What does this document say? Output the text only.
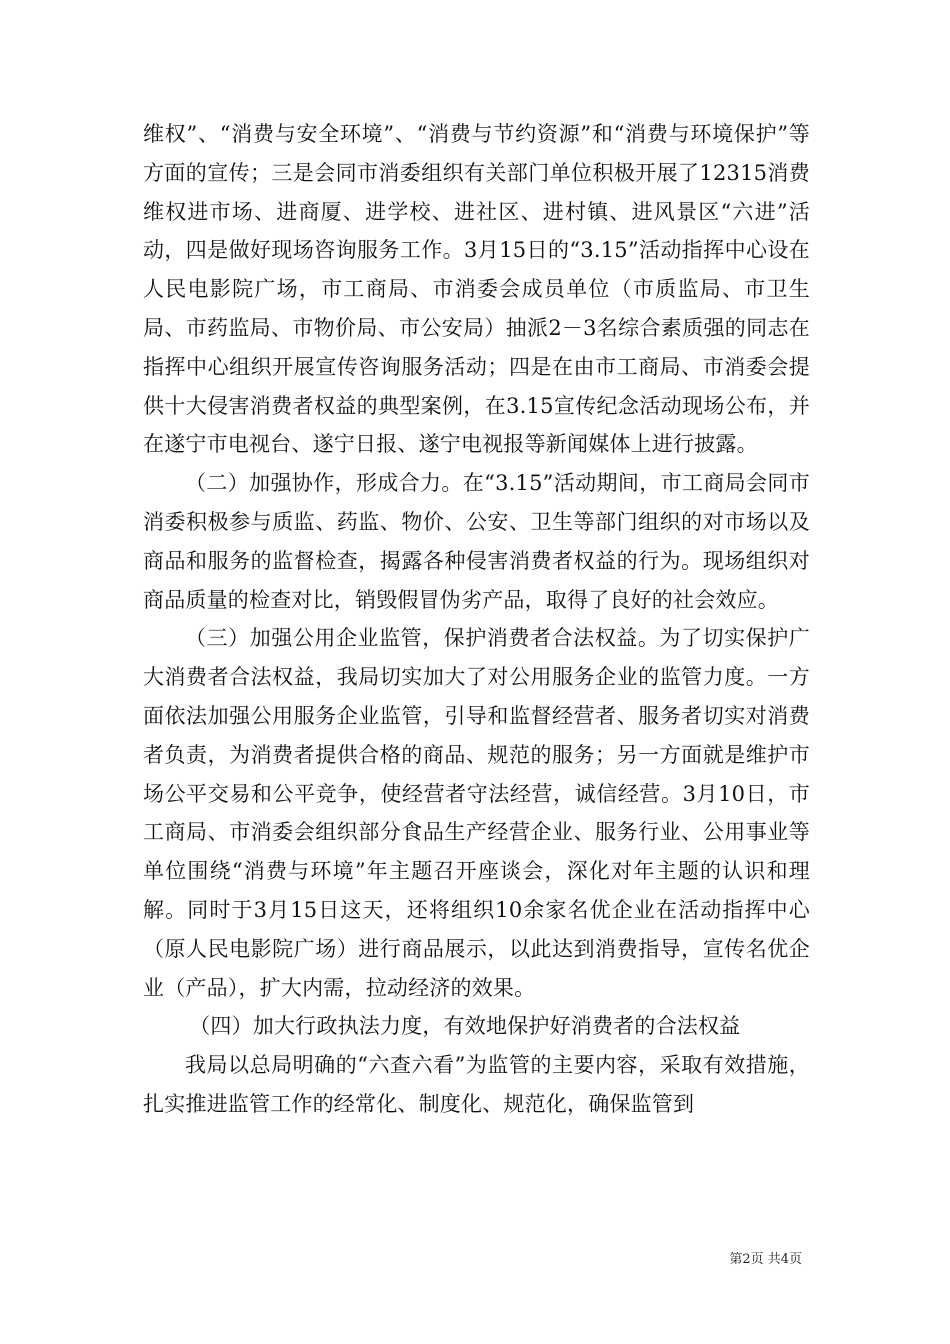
维权”、“消费与安全环境”、“消费与节约资源”和“消费与环境保护”等方面的宣传；三是会同市消委组织有关部门单位积极开展了12315消费维权进市场、进商厦、进学校、进社区、进村镇、进风景区“六进”活动，四是做好现场咨询服务工作。3月15日的“3.15”活动指挥中心设在人民电影院广场，市工商局、市消委会成员单位（市质监局、市卫生局、市药监局、市物价局、市公安局）抽派2－3名综合素质强的同志在指挥中心组织开展宣传咨询服务活动；四是在由市工商局、市消委会提供十大侵害消费者权益的典型案例，在3.15宣传纪念活动现场公布，并在遂宁市电视台、遂宁日报、遂宁电视报等新闻媒体上进行披露。

（二）加强协作，形成合力。在“3.15”活动期间，市工商局会同市消委积极参与质监、药监、物价、公安、卫生等部门组织的对市场以及商品和服务的监督检查，揭露各种侵害消费者权益的行为。现场组织对商品质量的检查对比，销毁假冒伪劣产品，取得了良好的社会效应。

（三）加强公用企业监管，保护消费者合法权益。为了切实保护广大消费者合法权益，我局切实加大了对公用服务企业的监管力度。一方面依法加强公用服务企业监管，引导和监督经营者、服务者切实对消费者负责，为消费者提供合格的商品、规范的服务；另一方面就是维护市场公平交易和公平竞争，使经营者守法经营，诚信经营。3月10日，市工商局、市消委会组织部分食品生产经营企业、服务行业、公用事业等单位围绕“消费与环境”年主题召开座谈会，深化对年主题的认识和理解。同时于3月15日这天，还将组织10余家名优企业在活动指挥中心（原人民电影院广场）进行商品展示，以此达到消费指导，宣传名优企业（产品），扩大内需，拉动经济的效果。

（四）加大行政执法力度，有效地保护好消费者的合法权益

我局以总局明确的“六查六看”为监管的主要内容，采取有效措施，扎实推进监管工作的经常化、制度化、规范化，确保监管到

第2页 共4页
